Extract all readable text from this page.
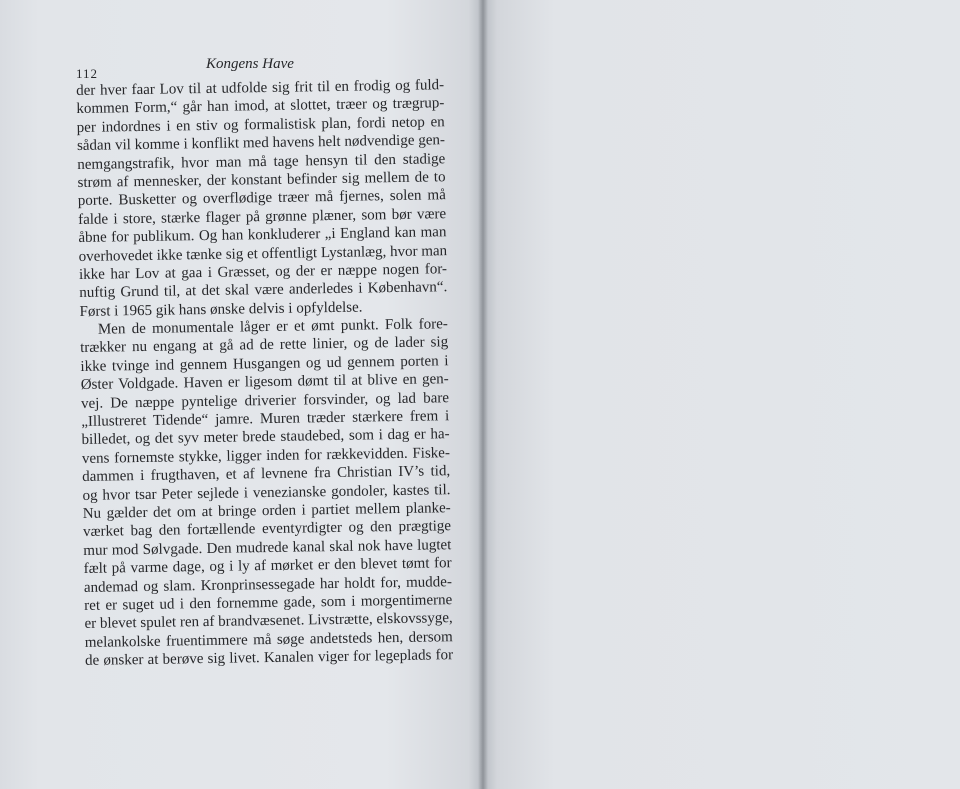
112
Kongens Have
der hver faar Lov til at udfolde sig frit til en frodig og fuld-
kommen Form,“ går han imod, at slottet, træer og trægrup-
per indordnes i en stiv og formalistisk plan, fordi netop en
sådan vil komme i konflikt med havens helt nødvendige gen-
nemgangstrafik, hvor man må tage hensyn til den stadige
strøm af mennesker, der konstant befinder sig mellem de to
porte. Busketter og overflødige træer må fjernes, solen må
falde i store, stærke flager på grønne plæner, som bør være
åbne for publikum. Og han konkluderer „i England kan man
overhovedet ikke tænke sig et offentligt Lystanlæg, hvor man
ikke har Lov at gaa i Græsset, og der er næppe nogen for-
nuftig Grund til, at det skal være anderledes i København“.
Først i 1965 gik hans ønske delvis i opfyldelse.
Men de monumentale låger er et ømt punkt. Folk fore-
trækker nu engang at gå ad de rette linier, og de lader sig
ikke tvinge ind gennem Husgangen og ud gennem porten i
Øster Voldgade. Haven er ligesom dømt til at blive en gen-
vej. De næppe pyntelige driverier forsvinder, og lad bare
„Illustreret Tidende“ jamre. Muren træder stærkere frem i
billedet, og det syv meter brede staudebed, som i dag er ha-
vens fornemste stykke, ligger inden for rækkevidden. Fiske-
dammen i frugthaven, et af levnene fra Christian IV’s tid,
og hvor tsar Peter sejlede i venezianske gondoler, kastes til.
Nu gælder det om at bringe orden i partiet mellem planke-
værket bag den fortællende eventyrdigter og den prægtige
mur mod Sølvgade. Den mudrede kanal skal nok have lugtet
fælt på varme dage, og i ly af mørket er den blevet tømt for
andemad og slam. Kronprinsessegade har holdt for, mudde-
ret er suget ud i den fornemme gade, som i morgentimerne
er blevet spulet ren af brandvæsenet. Livstrætte, elskovssyge,
melankolske fruentimmere må søge andetsteds hen, dersom
de ønsker at berøve sig livet. Kanalen viger for legeplads for
